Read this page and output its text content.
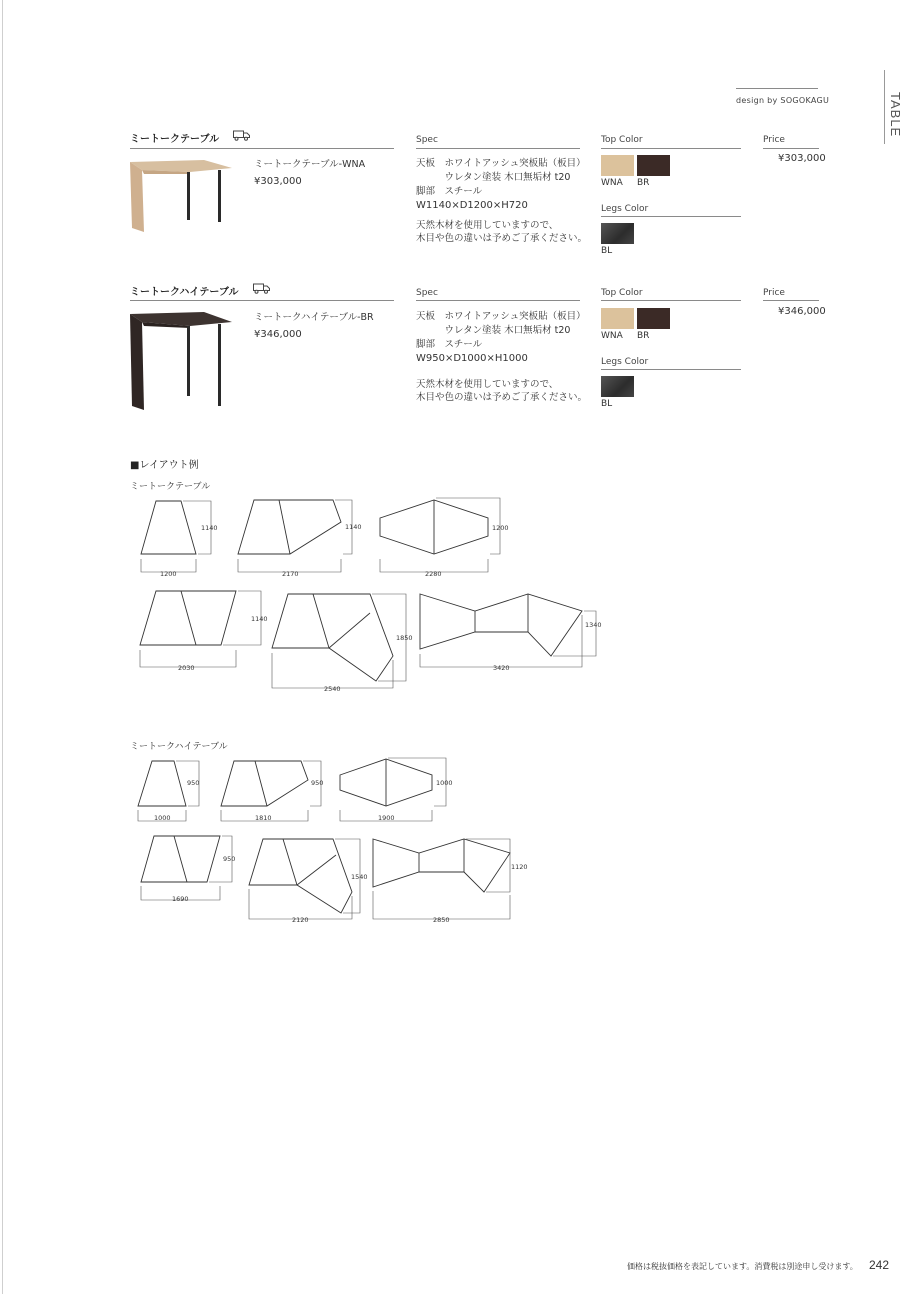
design by SOGOKAGU	TABLE
ミートークテーブル
ミートークテーブル-WNA
¥303,000
Spec
天板　ホワイトアッシュ突板貼（板目）
　　　ウレタン塗装 木口無垢材 t20
脚部　スチール
W1140×D1200×H720
天然木材を使用していますので、
木目や色の違いは予めご了承ください。
Top Color
WNA BR
Legs Color
BL
Price
¥303,000
ミートークハイテーブル
ミートークハイテーブル-BR
¥346,000
Spec
天板　ホワイトアッシュ突板貼（板目）
　　　ウレタン塗装 木口無垢材 t20
脚部　スチール
W950×D1000×H1000
天然木材を使用していますので、
木目や色の違いは予めご了承ください。
Top Color
WNA BR
Legs Color
BL
Price
¥346,000
■レイアウト例
ミートークテーブル
ミートークハイテーブル
1140
1200
1140
2170
1200
2280
1140
2030
1850
2540
1340
3420
950
1000
950
1810
1000
1900
950
1690
1540
2120
1120
2850
価格は税抜価格を表記しています。消費税は別途申し受けます。 242
